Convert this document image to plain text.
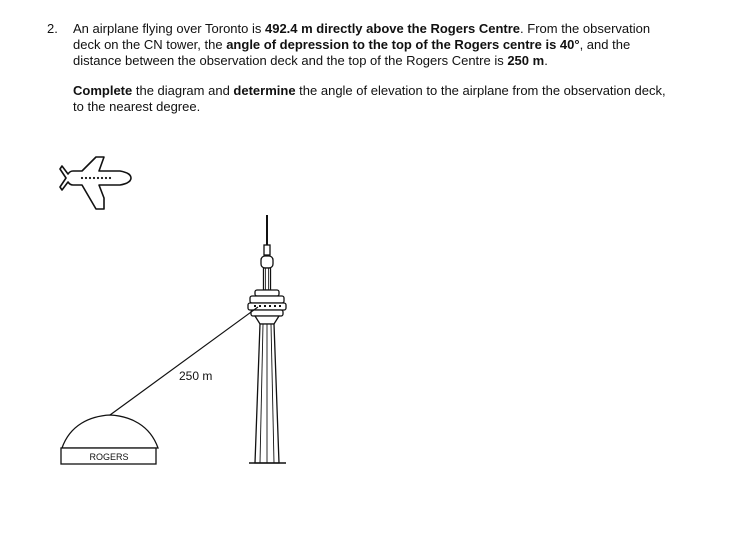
2. An airplane flying over Toronto is 492.4 m directly above the Rogers Centre. From the observation deck on the CN tower, the angle of depression to the top of the Rogers centre is 40°, and the distance between the observation deck and the top of the Rogers Centre is 250 m.

Complete the diagram and determine the angle of elevation to the airplane from the observation deck, to the nearest degree.

ROGERS
250 m
